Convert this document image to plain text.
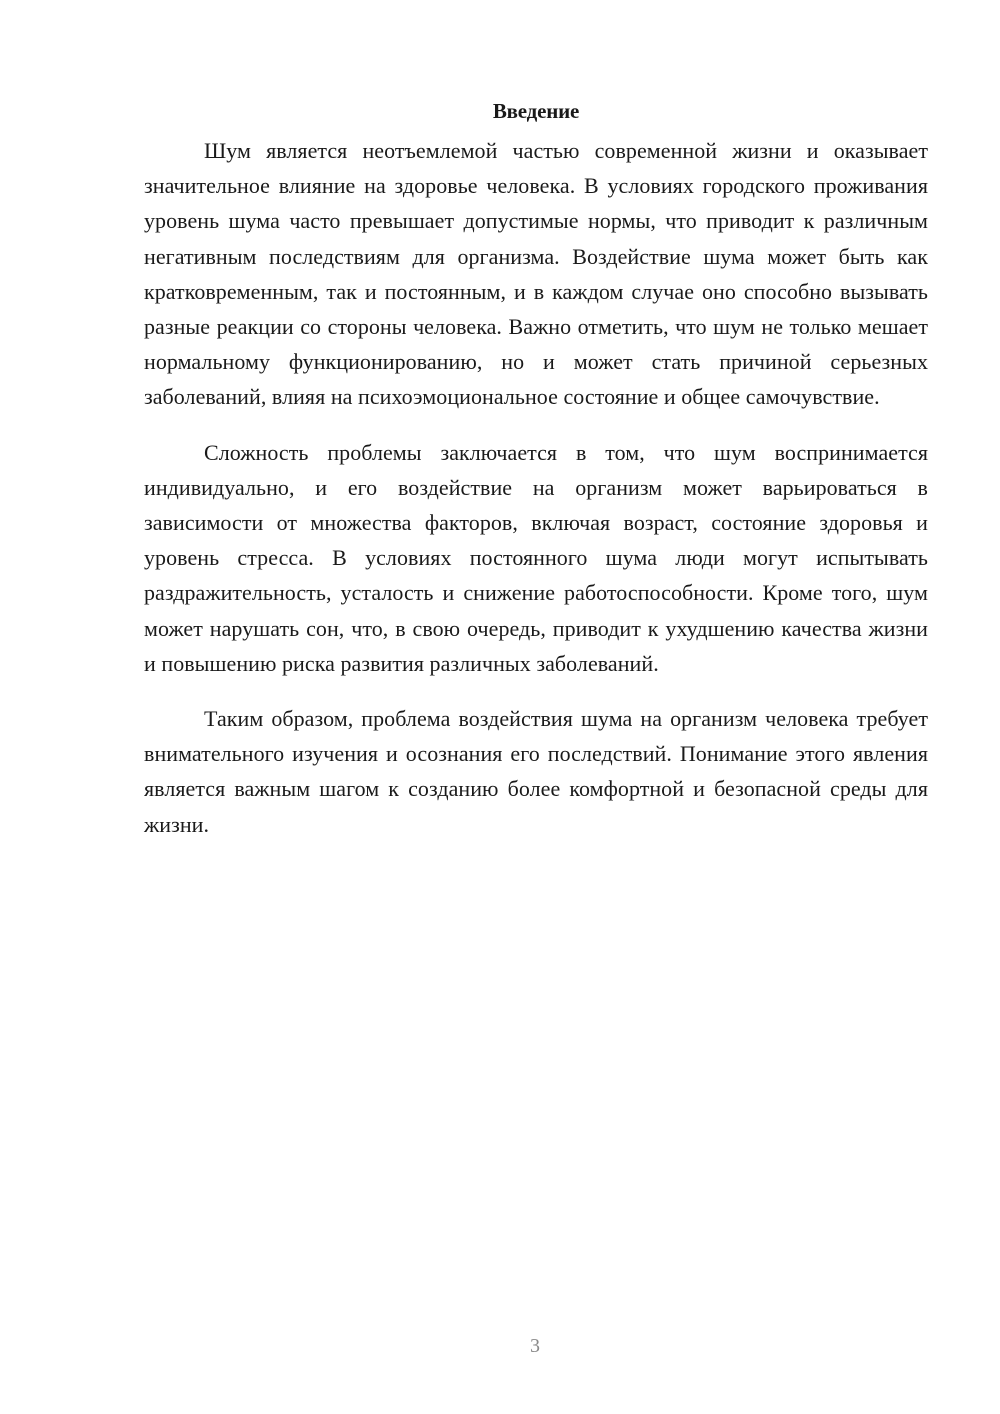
Введение

Шум является неотъемлемой частью современной жизни и оказывает значительное влияние на здоровье человека. В условиях городского проживания уровень шума часто превышает допустимые нормы, что приводит к различным негативным последствиям для организма. Воздействие шума может быть как кратковременным, так и постоянным, и в каждом случае оно способно вызывать разные реакции со стороны человека. Важно отметить, что шум не только мешает нормальному функционированию, но и может стать причиной серьезных заболеваний, влияя на психоэмоциональное состояние и общее самочувствие.

Сложность проблемы заключается в том, что шум воспринимается индивидуально, и его воздействие на организм может варьироваться в зависимости от множества факторов, включая возраст, состояние здоровья и уровень стресса. В условиях постоянного шума люди могут испытывать раздражительность, усталость и снижение работоспособности. Кроме того, шум может нарушать сон, что, в свою очередь, приводит к ухудшению качества жизни и повышению риска развития различных заболеваний.

Таким образом, проблема воздействия шума на организм человека требует внимательного изучения и осознания его последствий. Понимание этого явления является важным шагом к созданию более комфортной и безопасной среды для жизни.

3
